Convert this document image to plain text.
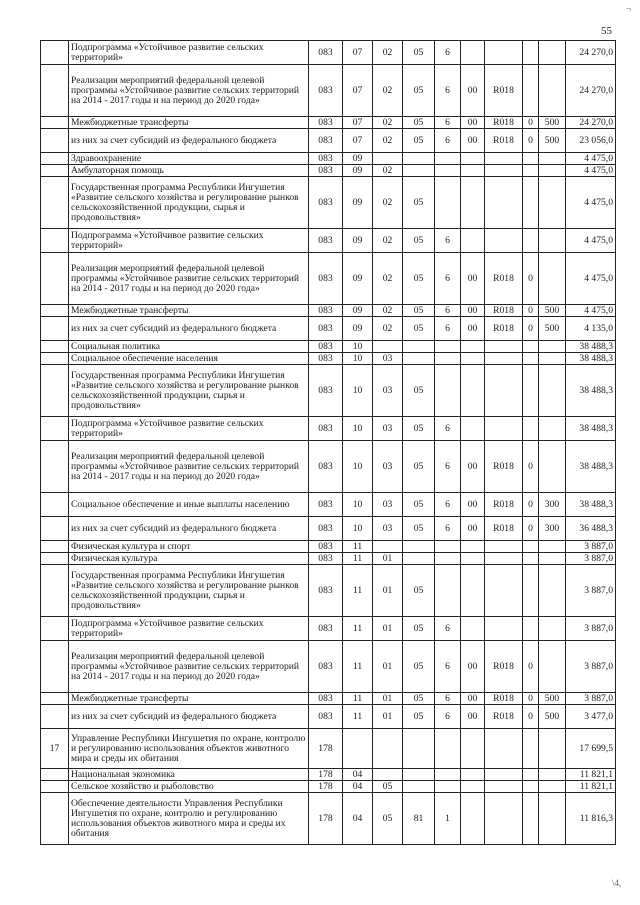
55
¬
	Подпрограмма «Устойчивое развитие сельских территорий»	083	07	02	05	6					24 270,0
	Реализация мероприятий федеральной целевой программы «Устойчивое развитие сельских территорий на 2014 - 2017 годы и на период до 2020 года»	083	07	02	05	6	00	R018			24 270,0
	Межбюджетные трансферты	083	07	02	05	6	00	R018	0	500	24 270,0
	из них за счет субсидий из федерального бюджета	083	07	02	05	6	00	R018	0	500	23 056,0
	Здравоохранение	083	09								4 475,0
	Амбулаторная помощь	083	09	02							4 475,0
	Государственная программа Республики Ингушетия «Развитие сельского хозяйства и регулирование рынков сельскохозяйственной продукции, сырья и продовольствия»	083	09	02	05						4 475,0
	Подпрограмма «Устойчивое развитие сельских территорий»	083	09	02	05	6					4 475,0
	Реализация мероприятий федеральной целевой программы «Устойчивое развитие сельских территорий на 2014 - 2017 годы и на период до 2020 года»	083	09	02	05	6	00	R018	0		4 475,0
	Межбюджетные трансферты	083	09	02	05	6	00	R018	0	500	4 475,0
	из них за счет субсидий из федерального бюджета	083	09	02	05	6	00	R018	0	500	4 135,0
	Социальная политика	083	10								38 488,3
	Социальное обеспечение населения	083	10	03							38 488,3
	Государственная программа Республики Ингушетия «Развитие сельского хозяйства и регулирование рынков сельскохозяйственной продукции, сырья и продовольствия»	083	10	03	05						38 488,3
	Подпрограмма «Устойчивое развитие сельских территорий»	083	10	03	05	6					38 488,3
	Реализация мероприятий федеральной целевой программы «Устойчивое развитие сельских территорий на 2014 - 2017 годы и на период до 2020 года»	083	10	03	05	6	00	R018	0		38 488,3
	Социальное обеспечение и иные выплаты населению	083	10	03	05	6	00	R018	0	300	38 488,3
	из них за счет субсидий из федерального бюджета	083	10	03	05	6	00	R018	0	300	36 488,3
	Физическая культура и спорт	083	11								3 887,0
	Физическая культура	083	11	01							3 887,0
	Государственная программа Республики Ингушетия «Развитие сельского хозяйства и регулирование рынков сельскохозяйственной продукции, сырья и продовольствия»	083	11	01	05						3 887,0
	Подпрограмма «Устойчивое развитие сельских территорий»	083	11	01	05	6					3 887,0
	Реализация мероприятий федеральной целевой программы «Устойчивое развитие сельских территорий на 2014 - 2017 годы и на период до 2020 года»	083	11	01	05	6	00	R018	0		3 887,0
	Межбюджетные трансферты	083	11	01	05	6	00	R018	0	500	3 887,0
	из них за счет субсидий из федерального бюджета	083	11	01	05	6	00	R018	0	500	3 477,0
17	Управление Республики Ингушетия по охране, контролю и регулированию использования объектов животного мира и среды их обитания	178									17 699,5
	Национальная экономика	178	04								11 821,1
	Сельское хозяйство и рыболовство	178	04	05							11 821,1
	Обеспечение деятельности Управления Республики Ингушетия по охране, контролю и регулированию использования объектов животного мира и среды их обитания	178	04	05	81	1					11 816,3
\4,
